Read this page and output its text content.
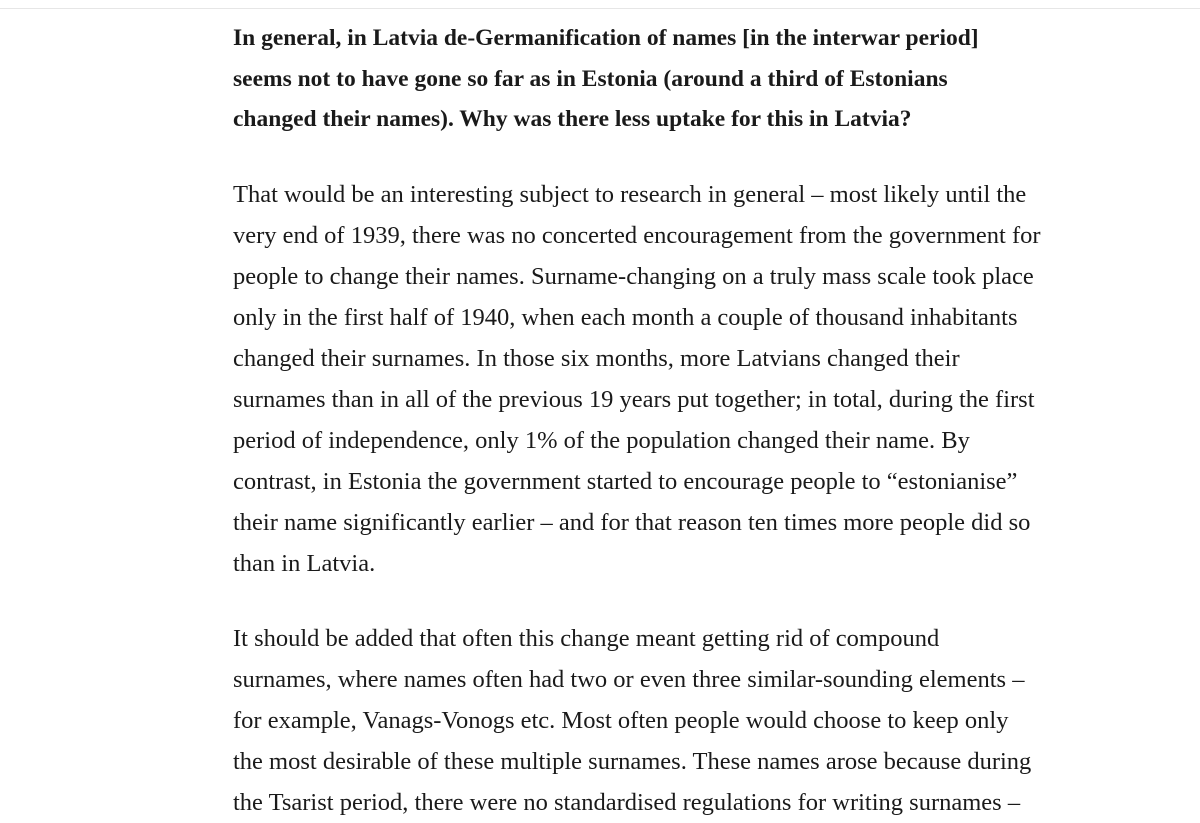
In general, in Latvia de-Germanification of names [in the interwar period]
seems not to have gone so far as in Estonia (around a third of Estonians
changed their names). Why was there less uptake for this in Latvia?

That would be an interesting subject to research in general – most likely until the
very end of 1939, there was no concerted encouragement from the government for
people to change their names. Surname-changing on a truly mass scale took place
only in the first half of 1940, when each month a couple of thousand inhabitants
changed their surnames. In those six months, more Latvians changed their
surnames than in all of the previous 19 years put together; in total, during the first
period of independence, only 1% of the population changed their name. By
contrast, in Estonia the government started to encourage people to “estonianise”
their name significantly earlier – and for that reason ten times more people did so
than in Latvia.

It should be added that often this change meant getting rid of compound
surnames, where names often had two or even three similar-sounding elements –
for example, Vanags-Vonogs etc. Most often people would choose to keep only
the most desirable of these multiple surnames. These names arose because during
the Tsarist period, there were no standardised regulations for writing surnames –
